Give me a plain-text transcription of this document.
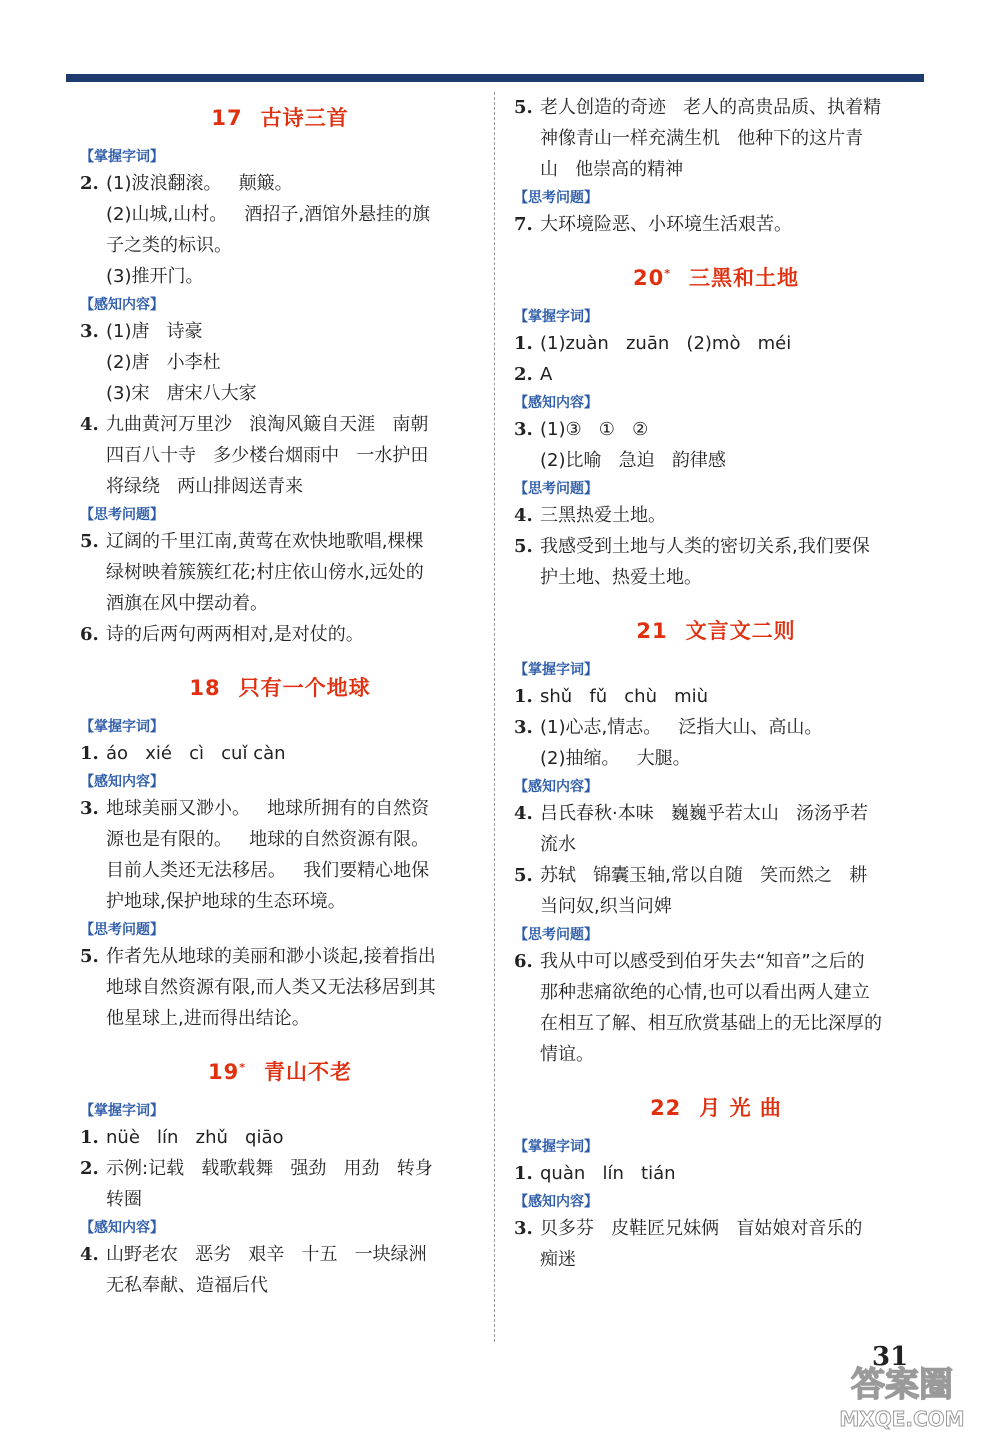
17 古诗三首
【掌握字词】
2. (1)波浪翻滚。   颠簸。
(2)山城,山村。   酒招子,酒馆外悬挂的旗
子之类的标识。
(3)推开门。
【感知内容】
3. (1)唐   诗豪
(2)唐   小李杜
(3)宋   唐宋八大家
4. 九曲黄河万里沙   浪淘风簸自天涯   南朝
四百八十寺   多少楼台烟雨中   一水护田
将绿绕   两山排闼送青来
【思考问题】
5. 辽阔的千里江南,黄莺在欢快地歌唱,棵棵
绿树映着簇簇红花;村庄依山傍水,远处的
酒旗在风中摆动着。
6. 诗的后两句两两相对,是对仗的。
18 只有一个地球
【掌握字词】
1. áo   xié   cì   cuǐ càn
【感知内容】
3. 地球美丽又渺小。   地球所拥有的自然资
源也是有限的。   地球的自然资源有限。
目前人类还无法移居。   我们要精心地保
护地球,保护地球的生态环境。
【思考问题】
5. 作者先从地球的美丽和渺小谈起,接着指出
地球自然资源有限,而人类又无法移居到其
他星球上,进而得出结论。
19* 青山不老
【掌握字词】
1. nüè   lín   zhǔ   qiāo
2. 示例:记载   载歌载舞   强劲   用劲   转身
转圈
【感知内容】
4. 山野老农   恶劣   艰辛   十五   一块绿洲
无私奉献、造福后代
5. 老人创造的奇迹   老人的高贵品质、执着精
神像青山一样充满生机   他种下的这片青
山   他崇高的精神
【思考问题】
7. 大环境险恶、小环境生活艰苦。
20* 三黑和土地
【掌握字词】
1. (1)zuàn   zuān   (2)mò   méi
2. A
【感知内容】
3. (1)③   ①   ②
(2)比喻   急迫   韵律感
【思考问题】
4. 三黑热爱土地。
5. 我感受到土地与人类的密切关系,我们要保
护土地、热爱土地。
21 文言文二则
【掌握字词】
1. shǔ   fǔ   chù   miù
3. (1)心志,情志。   泛指大山、高山。
(2)抽缩。   大腿。
【感知内容】
4. 吕氏春秋·本味   巍巍乎若太山   汤汤乎若
流水
5. 苏轼   锦囊玉轴,常以自随   笑而然之   耕
当问奴,织当问婢
【思考问题】
6. 我从中可以感受到伯牙失去“知音”之后的
那种悲痛欲绝的心情,也可以看出两人建立
在相互了解、相互欣赏基础上的无比深厚的
情谊。
22 月 光 曲
【掌握字词】
1. quàn   lín   tián
【感知内容】
3. 贝多芬   皮鞋匠兄妹俩   盲姑娘对音乐的
痴迷
31
答案圈
MXQE.COM
